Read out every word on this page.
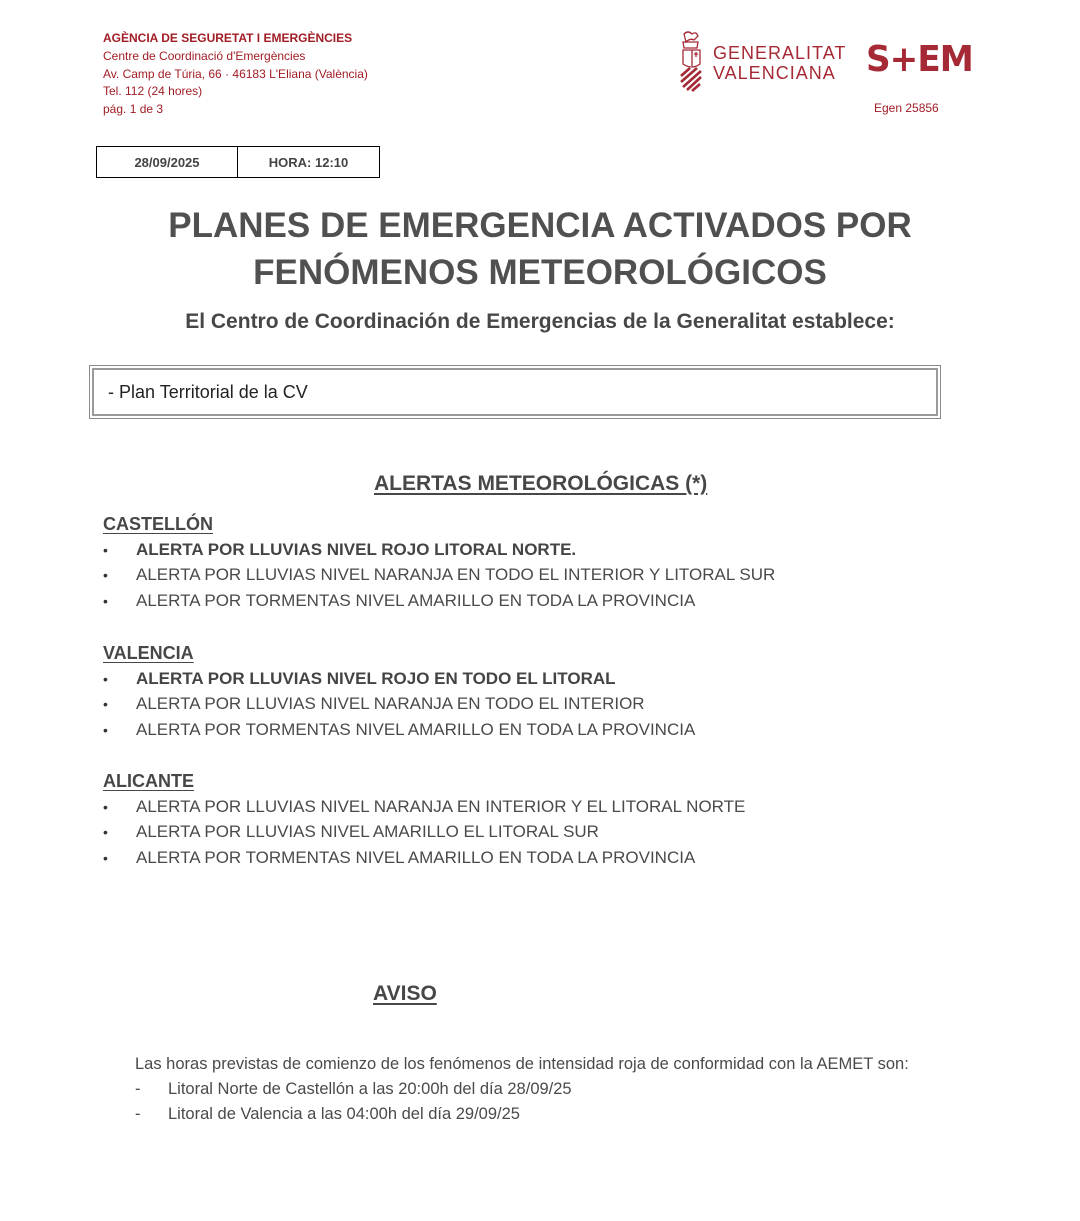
AGÈNCIA DE SEGURETAT I EMERGÈNCIES
Centre de Coordinació d'Emergències
Av. Camp de Túria, 66 · 46183 L'Eliana (València)
Tel. 112 (24 hores)
pág. 1 de 3
GENERALITAT
VALENCIANA S+EM
Egen 25856
28/09/2025	HORA: 12:10
PLANES DE EMERGENCIA ACTIVADOS POR
FENÓMENOS METEOROLÓGICOS
El Centro de Coordinación de Emergencias de la Generalitat establece:
- Plan Territorial de la CV
ALERTAS METEOROLÓGICAS (*)
CASTELLÓN
•	ALERTA POR LLUVIAS NIVEL ROJO LITORAL NORTE.
•	ALERTA POR LLUVIAS NIVEL NARANJA EN TODO EL INTERIOR Y LITORAL SUR
•	ALERTA POR TORMENTAS NIVEL AMARILLO EN TODA LA PROVINCIA
VALENCIA
•	ALERTA POR LLUVIAS NIVEL ROJO EN TODO EL LITORAL
•	ALERTA POR LLUVIAS NIVEL NARANJA EN TODO EL INTERIOR
•	ALERTA POR TORMENTAS NIVEL AMARILLO EN TODA LA PROVINCIA
ALICANTE
•	ALERTA POR LLUVIAS NIVEL NARANJA EN INTERIOR Y EL LITORAL NORTE
•	ALERTA POR LLUVIAS NIVEL AMARILLO EL LITORAL SUR
•	ALERTA POR TORMENTAS NIVEL AMARILLO EN TODA LA PROVINCIA
AVISO
Las horas previstas de comienzo de los fenómenos de intensidad roja de conformidad con la AEMET son:
-	Litoral Norte de Castellón a las 20:00h del día 28/09/25
-	Litoral de Valencia a las 04:00h del día 29/09/25
